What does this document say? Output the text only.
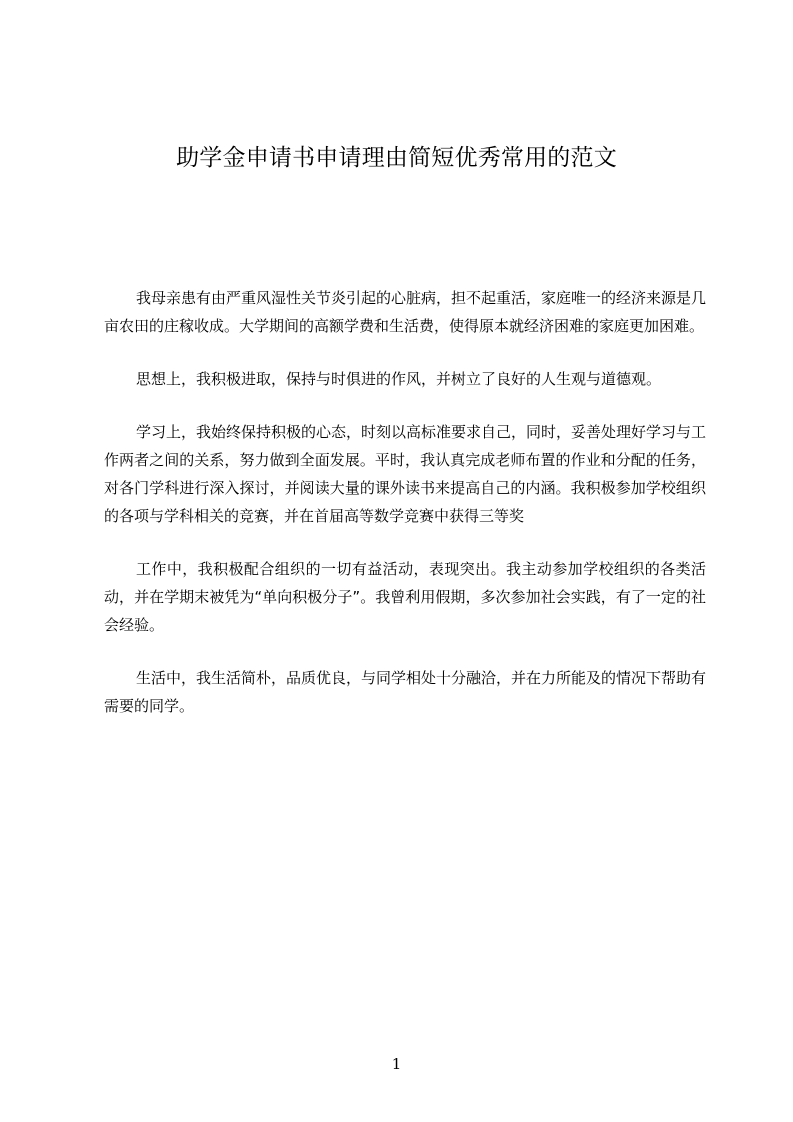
助学金申请书申请理由简短优秀常用的范文

我母亲患有由严重风湿性关节炎引起的心脏病，担不起重活，家庭唯一的经济来源是几亩农田的庄稼收成。大学期间的高额学费和生活费，使得原本就经济困难的家庭更加困难。

思想上，我积极进取，保持与时俱进的作风，并树立了良好的人生观与道德观。

学习上，我始终保持积极的心态，时刻以高标准要求自己，同时，妥善处理好学习与工作两者之间的关系，努力做到全面发展。平时，我认真完成老师布置的作业和分配的任务，对各门学科进行深入探讨，并阅读大量的课外读书来提高自己的内涵。我积极参加学校组织的各项与学科相关的竞赛，并在首届高等数学竞赛中获得三等奖

工作中，我积极配合组织的一切有益活动，表现突出。我主动参加学校组织的各类活动，并在学期末被凭为“单向积极分子”。我曾利用假期，多次参加社会实践，有了一定的社会经验。

生活中，我生活简朴，品质优良，与同学相处十分融洽，并在力所能及的情况下帮助有需要的同学。

1
